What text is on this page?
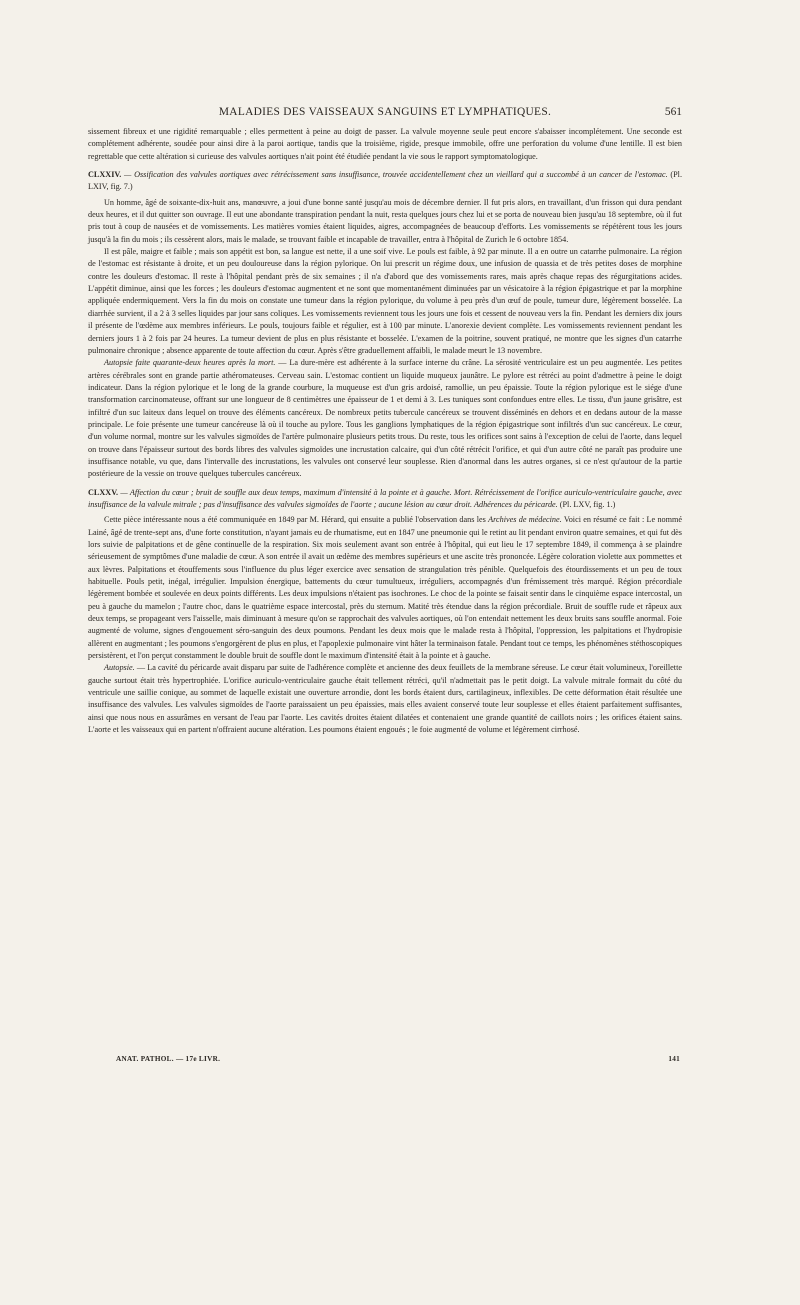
MALADIES DES VAISSEAUX SANGUINS ET LYMPHATIQUES.	561

sissement fibreux et une rigidité remarquable ; elles permettent à peine au doigt de passer. La valvule moyenne seule peut encore s'abaisser incomplétement. Une seconde est complétement adhérente, soudée pour ainsi dire à la paroi aortique, tandis que la troisième, rigide, presque immobile, offre une perforation du volume d'une lentille. Il est bien regrettable que cette altération si curieuse des valvules aortiques n'ait point été étudiée pendant la vie sous le rapport symptomatologique.

CLXXIV. — Ossification des valvules aortiques avec rétrécissement sans insuffisance, trouvée accidentellement chez un vieillard qui a succombé à un cancer de l'estomac. (Pl. LXIV, fig. 7.)

Un homme, âgé de soixante-dix-huit ans, manœuvre, a joui d'une bonne santé jusqu'au mois de décembre dernier. Il fut pris alors, en travaillant, d'un frisson qui dura pendant deux heures, et il dut quitter son ouvrage. Il eut une abondante transpiration pendant la nuit, resta quelques jours chez lui et se porta de nouveau bien jusqu'au 18 septembre, où il fut pris tout à coup de nausées et de vomissements. Les matières vomies étaient liquides, aigres, accompagnées de beaucoup d'efforts. Les vomissements se répétèrent tous les jours jusqu'à la fin du mois ; ils cessèrent alors, mais le malade, se trouvant faible et incapable de travailler, entra à l'hôpital de Zurich le 6 octobre 1854.

Il est pâle, maigre et faible ; mais son appétit est bon, sa langue est nette, il a une soif vive. Le pouls est faible, à 92 par minute. Il a en outre un catarrhe pulmonaire. La région de l'estomac est résistante à droite, et un peu douloureuse dans la région pylorique. On lui prescrit un régime doux, une infusion de quassia et de très petites doses de morphine contre les douleurs d'estomac. Il reste à l'hôpital pendant près de six semaines ; il n'a d'abord que des vomissements rares, mais après chaque repas des régurgitations acides. L'appétit diminue, ainsi que les forces ; les douleurs d'estomac augmentent et ne sont que momentanément diminuées par un vésicatoire à la région épigastrique et par la morphine appliquée endermiquement. Vers la fin du mois on constate une tumeur dans la région pylorique, du volume à peu près d'un œuf de poule, tumeur dure, légèrement bosselée. La diarrhée survient, il a 2 à 3 selles liquides par jour sans coliques. Les vomissements reviennent tous les jours une fois et cessent de nouveau vers la fin. Pendant les derniers dix jours il présente de l'œdème aux membres inférieurs. Le pouls, toujours faible et régulier, est à 100 par minute. L'anorexie devient complète. Les vomissements reviennent pendant les derniers jours 1 à 2 fois par 24 heures. La tumeur devient de plus en plus résistante et bosselée. L'examen de la poitrine, souvent pratiqué, ne montre que les signes d'un catarrhe pulmonaire chronique ; absence apparente de toute affection du cœur. Après s'être graduellement affaibli, le malade meurt le 13 novembre.

Autopsie faite quarante-deux heures après la mort. — La dure-mère est adhérente à la surface interne du crâne. La sérosité ventriculaire est un peu augmentée. Les petites artères cérébrales sont en grande partie athéromateuses. Cerveau sain. L'estomac contient un liquide muqueux jaunâtre. Le pylore est rétréci au point d'admettre à peine le doigt indicateur. Dans la région pylorique et le long de la grande courbure, la muqueuse est d'un gris ardoisé, ramollie, un peu épaissie. Toute la région pylorique est le siége d'une transformation carcinomateuse, offrant sur une longueur de 8 centimètres une épaisseur de 1 et demi à 3. Les tuniques sont confondues entre elles. Le tissu, d'un jaune grisâtre, est infiltré d'un suc laiteux dans lequel on trouve des éléments cancéreux. De nombreux petits tubercule cancéreux se trouvent disséminés en dehors et en dedans autour de la masse principale. Le foie présente une tumeur cancéreuse là où il touche au pylore. Tous les ganglions lymphatiques de la région épigastrique sont infiltrés d'un suc cancéreux. Le cœur, d'un volume normal, montre sur les valvules sigmoïdes de l'artère pulmonaire plusieurs petits trous. Du reste, tous les orifices sont sains à l'exception de celui de l'aorte, dans lequel on trouve dans l'épaisseur surtout des bords libres des valvules sigmoïdes une incrustation calcaire, qui d'un côté rétrécit l'orifice, et qui d'un autre côté ne paraît pas produire une insuffisance notable, vu que, dans l'intervalle des incrustations, les valvules ont conservé leur souplesse. Rien d'anormal dans les autres organes, si ce n'est qu'autour de la partie postérieure de la vessie on trouve quelques tubercules cancéreux.

CLXXV. — Affection du cœur ; bruit de souffle aux deux temps, maximum d'intensité à la pointe et à gauche. Mort. Rétrécissement de l'orifice auriculo-ventriculaire gauche, avec insuffisance de la valvule mitrale ; pas d'insuffisance des valvules sigmoïdes de l'aorte ; aucune lésion au cœur droit. Adhérences du péricarde. (Pl. LXV, fig. 1.)

Cette pièce intéressante nous a été communiquée en 1849 par M. Hérard, qui ensuite a publié l'observation dans les Archives de médecine. Voici en résumé ce fait : Le nommé Lainé, âgé de trente-sept ans, d'une forte constitution, n'ayant jamais eu de rhumatisme, eut en 1847 une pneumonie qui le retint au lit pendant environ quatre semaines, et qui fut dès lors suivie de palpitations et de gêne continuelle de la respiration. Six mois seulement avant son entrée à l'hôpital, qui eut lieu le 17 septembre 1849, il commença à se plaindre sérieusement de symptômes d'une maladie de cœur. A son entrée il avait un œdème des membres supérieurs et une ascite très prononcée. Légère coloration violette aux pommettes et aux lèvres. Palpitations et étouffements sous l'influence du plus léger exercice avec sensation de strangulation très pénible. Quelquefois des étourdissements et un peu de toux habituelle. Pouls petit, inégal, irrégulier. Impulsion énergique, battements du cœur tumultueux, irréguliers, accompagnés d'un frémissement très marqué. Région précordiale légèrement bombée et soulevée en deux points différents. Les deux impulsions n'étaient pas isochrones. Le choc de la pointe se faisait sentir dans le cinquième espace intercostal, un peu à gauche du mamelon ; l'autre choc, dans le quatrième espace intercostal, près du sternum. Matité très étendue dans la région précordiale. Bruit de souffle rude et râpeux aux deux temps, se propageant vers l'aisselle, mais diminuant à mesure qu'on se rapprochait des valvules aortiques, où l'on entendait nettement les deux bruits sans souffle anormal. Foie augmenté de volume, signes d'engouement séro-sanguin des deux poumons. Pendant les deux mois que le malade resta à l'hôpital, l'oppression, les palpitations et l'hydropisie allèrent en augmentant ; les poumons s'engorgèrent de plus en plus, et l'apoplexie pulmonaire vint hâter la terminaison fatale. Pendant tout ce temps, les phénomènes stéthoscopiques persistèrent, et l'on perçut constamment le double bruit de souffle dont le maximum d'intensité était à la pointe et à gauche.

Autopsie. — La cavité du péricarde avait disparu par suite de l'adhérence complète et ancienne des deux feuillets de la membrane séreuse. Le cœur était volumineux, l'oreillette gauche surtout était très hypertrophiée. L'orifice auriculo-ventriculaire gauche était tellement rétréci, qu'il n'admettait pas le petit doigt. La valvule mitrale formait du côté du ventricule une saillie conique, au sommet de laquelle existait une ouverture arrondie, dont les bords étaient durs, cartilagineux, inflexibles. De cette déformation était résultée une insuffisance des valvules. Les valvules sigmoïdes de l'aorte paraissaient un peu épaissies, mais elles avaient conservé toute leur souplesse et elles étaient parfaitement suffisantes, ainsi que nous nous en assurâmes en versant de l'eau par l'aorte. Les cavités droites étaient dilatées et contenaient une grande quantité de caillots noirs ; les orifices étaient sains. L'aorte et les vaisseaux qui en partent n'offraient aucune altération. Les poumons étaient engoués ; le foie augmenté de volume et légèrement cirrhosé.

ANAT. PATHOL. — 17e LIVR.	141
